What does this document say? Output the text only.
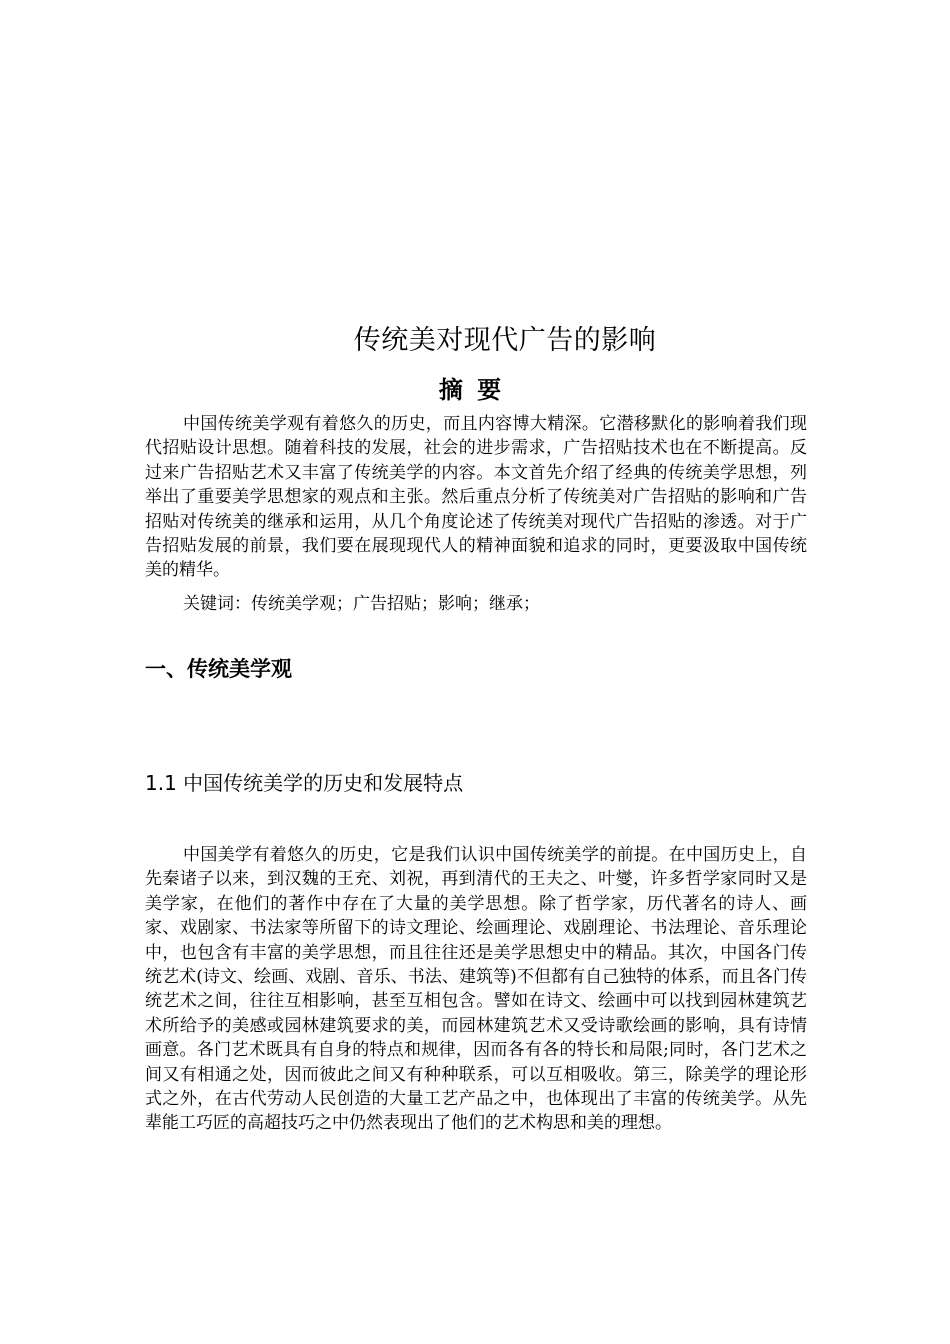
传统美对现代广告的影响
摘 要
中国传统美学观有着悠久的历史，而且内容博大精深。它潜移默化的影响着我们现代招贴设计思想。随着科技的发展，社会的进步需求，广告招贴技术也在不断提高。反过来广告招贴艺术又丰富了传统美学的内容。本文首先介绍了经典的传统美学思想，列举出了重要美学思想家的观点和主张。然后重点分析了传统美对广告招贴的影响和广告招贴对传统美的继承和运用，从几个角度论述了传统美对现代广告招贴的渗透。对于广告招贴发展的前景，我们要在展现现代人的精神面貌和追求的同时，更要汲取中国传统美的精华。
关键词：传统美学观；广告招贴；影响；继承；
一、传统美学观
1.1 中国传统美学的历史和发展特点
中国美学有着悠久的历史，它是我们认识中国传统美学的前提。在中国历史上，自先秦诸子以来，到汉魏的王充、刘祝，再到清代的王夫之、叶燮，许多哲学家同时又是美学家，在他们的著作中存在了大量的美学思想。除了哲学家，历代著名的诗人、画家、戏剧家、书法家等所留下的诗文理论、绘画理论、戏剧理论、书法理论、音乐理论中，也包含有丰富的美学思想，而且往往还是美学思想史中的精品。其次，中国各门传统艺术(诗文、绘画、戏剧、音乐、书法、建筑等)不但都有自己独特的体系，而且各门传统艺术之间，往往互相影响，甚至互相包含。譬如在诗文、绘画中可以找到园林建筑艺术所给予的美感或园林建筑要求的美，而园林建筑艺术又受诗歌绘画的影响，具有诗情画意。各门艺术既具有自身的特点和规律，因而各有各的特长和局限;同时，各门艺术之间又有相通之处，因而彼此之间又有种种联系，可以互相吸收。第三，除美学的理论形式之外，在古代劳动人民创造的大量工艺产品之中，也体现出了丰富的传统美学。从先辈能工巧匠的高超技巧之中仍然表现出了他们的艺术构思和美的理想。
